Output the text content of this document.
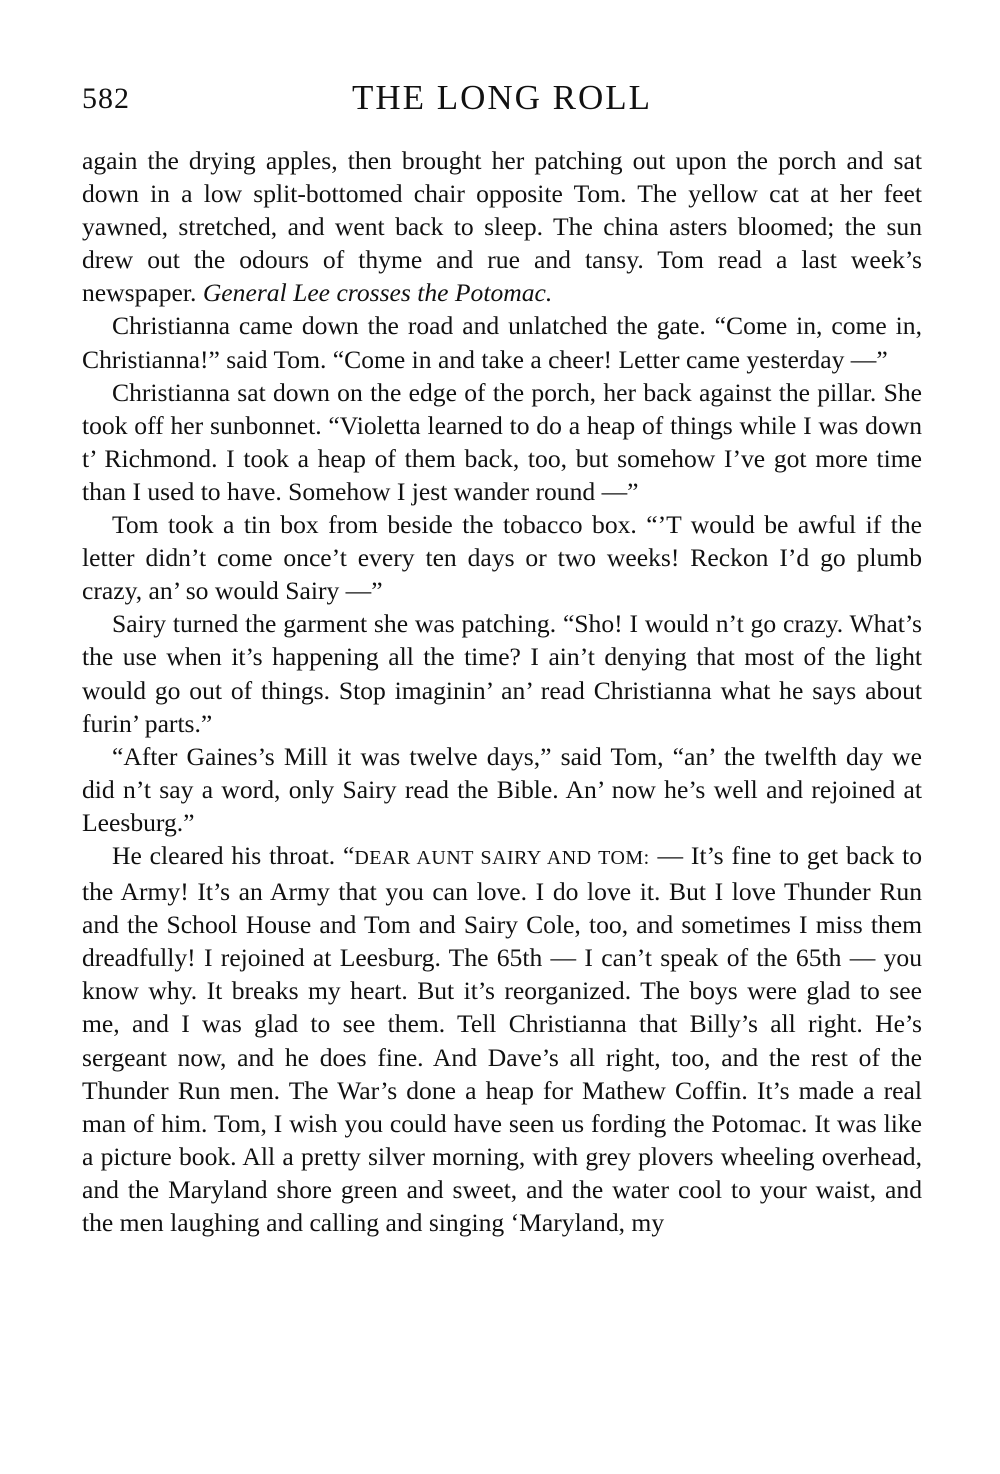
582	THE LONG ROLL

again the drying apples, then brought her patching out upon the porch and sat down in a low split-bottomed chair opposite Tom. The yellow cat at her feet yawned, stretched, and went back to sleep. The china asters bloomed; the sun drew out the odours of thyme and rue and tansy. Tom read a last week’s newspaper. General Lee crosses the Potomac.

Christianna came down the road and unlatched the gate. “Come in, come in, Christianna!” said Tom. “Come in and take a cheer! Letter came yesterday —”

Christianna sat down on the edge of the porch, her back against the pillar. She took off her sunbonnet. “Violetta learned to do a heap of things while I was down t’ Richmond. I took a heap of them back, too, but somehow I’ve got more time than I used to have. Somehow I jest wander round —”

Tom took a tin box from beside the tobacco box. “’T would be awful if the letter didn’t come once’t every ten days or two weeks! Reckon I’d go plumb crazy, an’ so would Sairy —”

Sairy turned the garment she was patching. “Sho! I would n’t go crazy. What’s the use when it’s happening all the time? I ain’t denying that most of the light would go out of things. Stop imaginin’ an’ read Christianna what he says about furin’ parts.”

“After Gaines’s Mill it was twelve days,” said Tom, “an’ the twelfth day we did n’t say a word, only Sairy read the Bible. An’ now he’s well and rejoined at Leesburg.”

He cleared his throat. “DEAR AUNT SAIRY AND TOM: — It’s fine to get back to the Army! It’s an Army that you can love. I do love it. But I love Thunder Run and the School House and Tom and Sairy Cole, too, and sometimes I miss them dreadfully! I rejoined at Leesburg. The 65th — I can’t speak of the 65th — you know why. It breaks my heart. But it’s reorganized. The boys were glad to see me, and I was glad to see them. Tell Christianna that Billy’s all right. He’s sergeant now, and he does fine. And Dave’s all right, too, and the rest of the Thunder Run men. The War’s done a heap for Mathew Coffin. It’s made a real man of him. Tom, I wish you could have seen us fording the Potomac. It was like a picture book. All a pretty silver morning, with grey plovers wheeling overhead, and the Maryland shore green and sweet, and the water cool to your waist, and the men laughing and calling and singing ‘Maryland, my
